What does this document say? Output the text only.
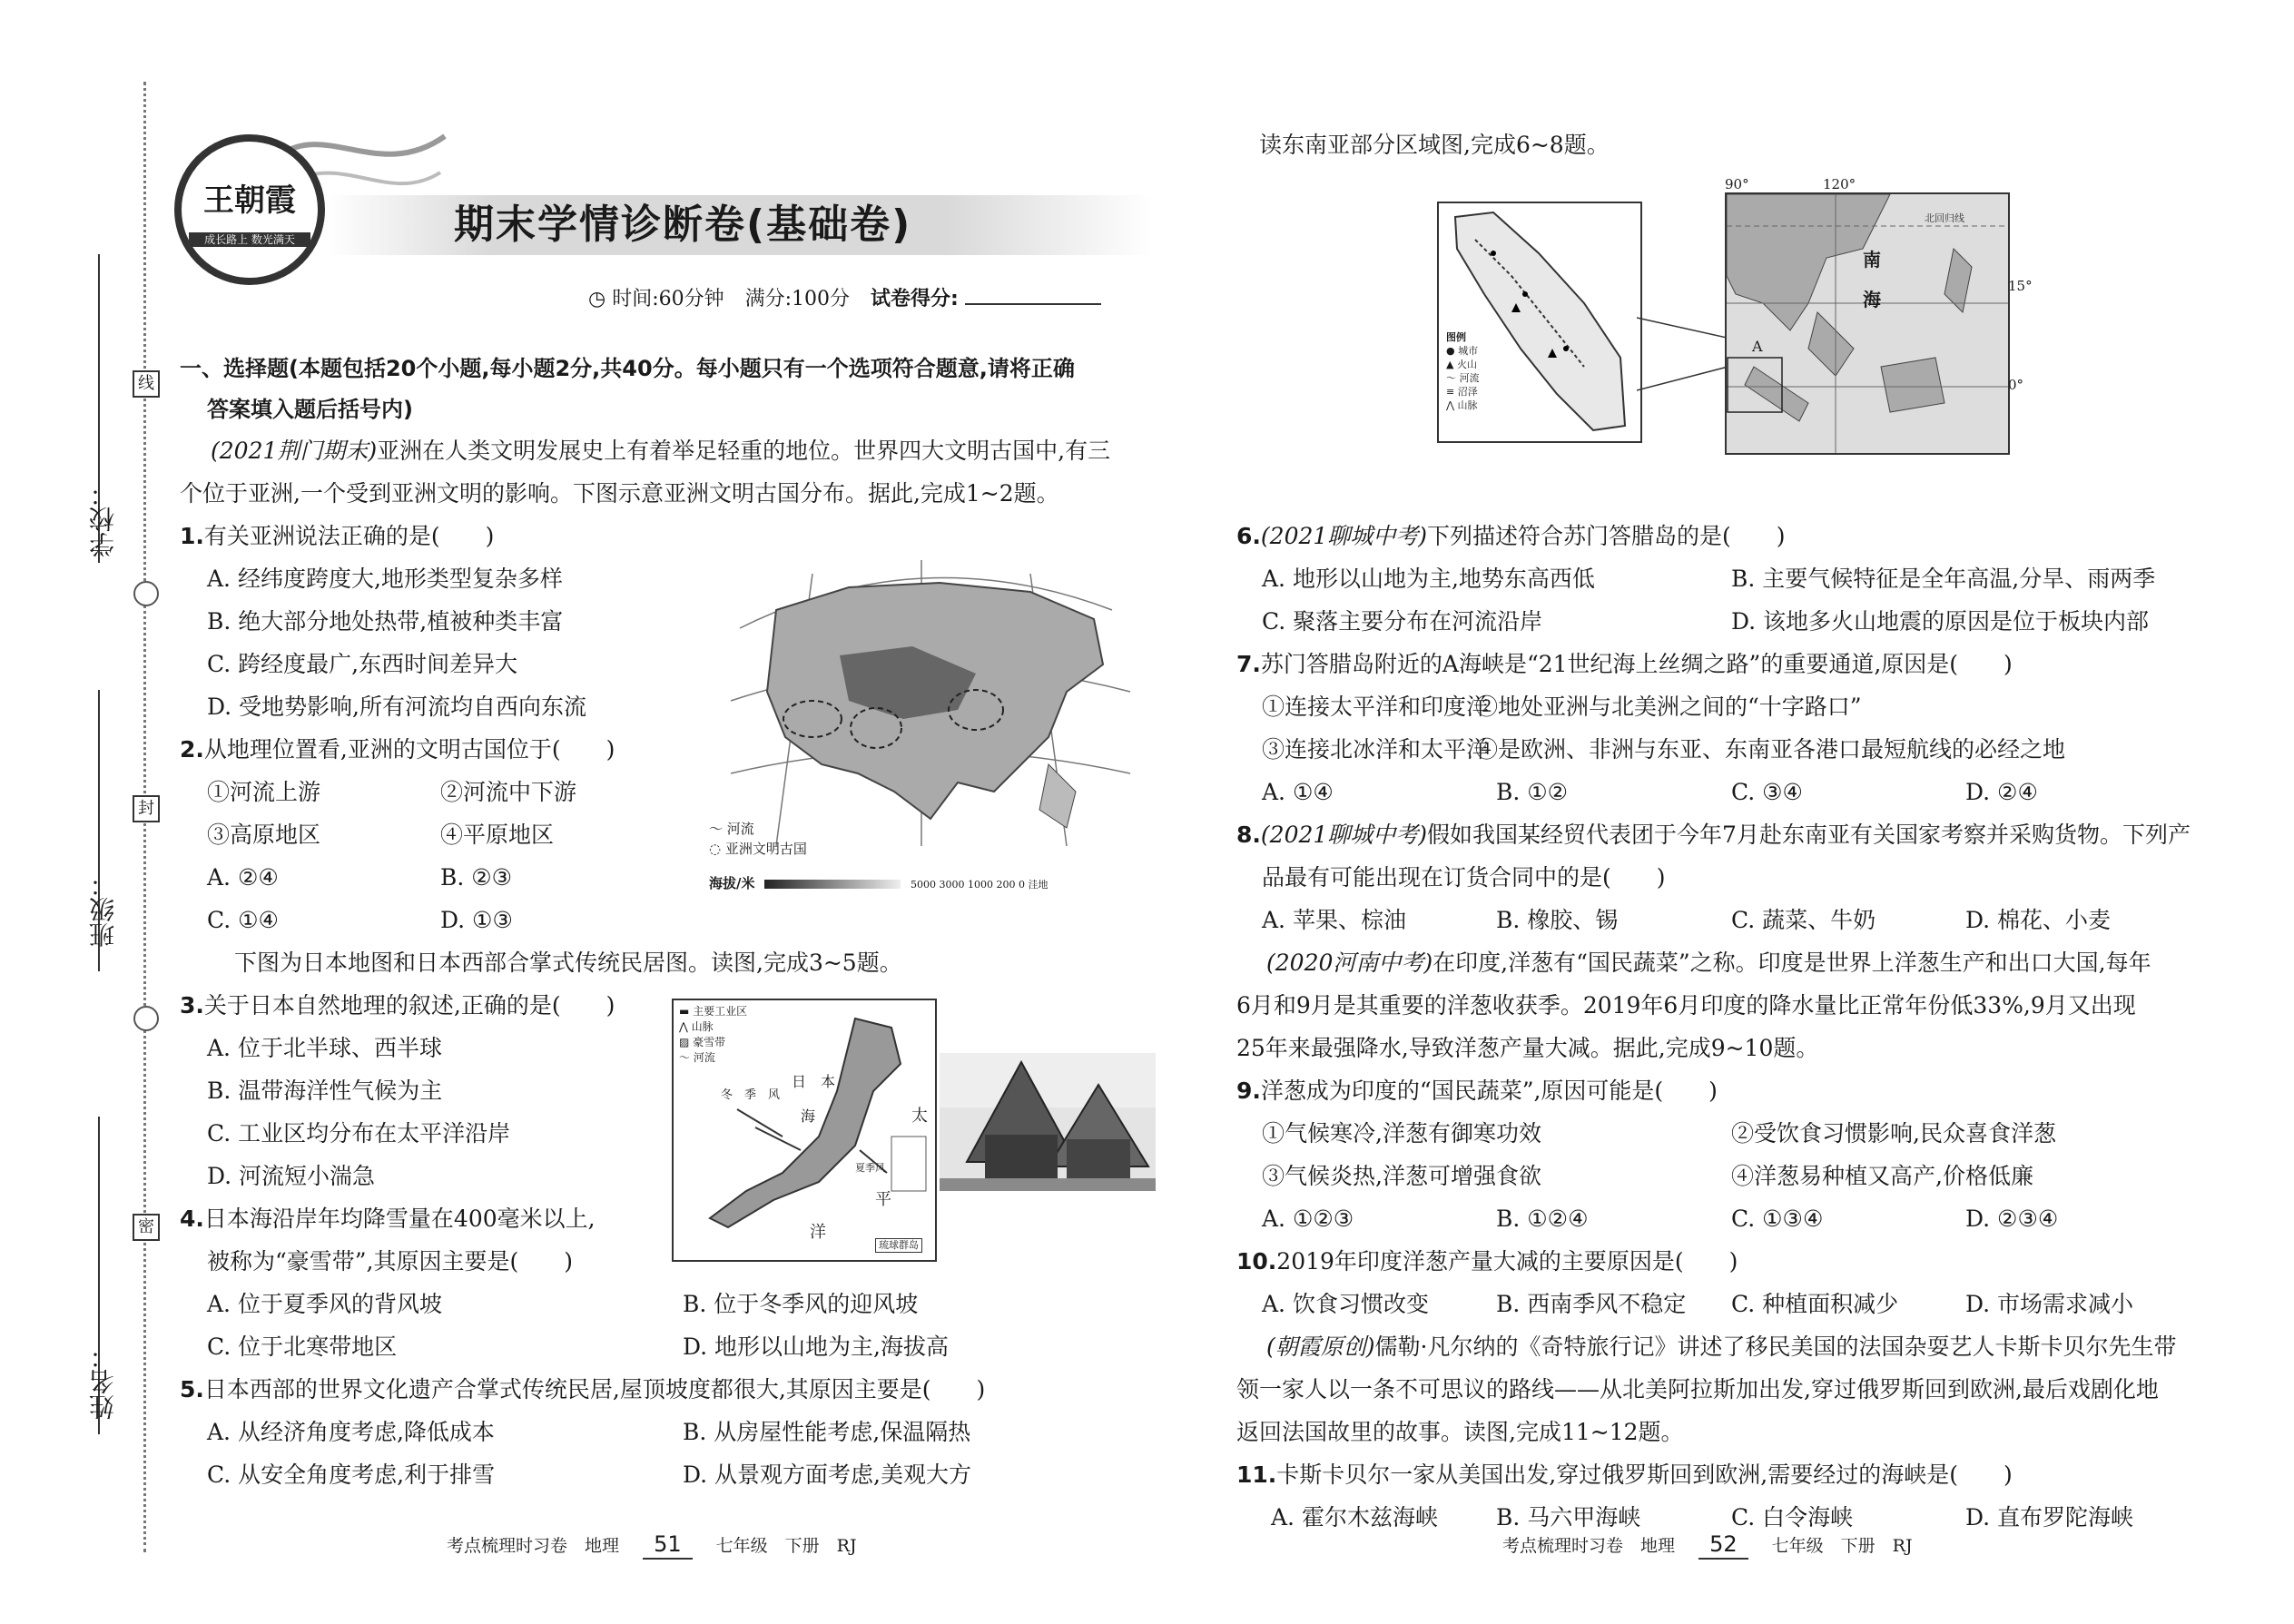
学校：
班级：
姓名：
线
封
密
王朝霞
成长路上 数光满天	期末学情诊断卷(基础卷)
◷ 时间:60分钟 满分:100分 试卷得分:
一、选择题(本题包括20个小题,每小题2分,共40分。每小题只有一个选项符合题意,请将正确
答案填入题后括号内)
(2021荆门期末)亚洲在人类文明发展史上有着举足轻重的地位。世界四大文明古国中,有三
个位于亚洲,一个受到亚洲文明的影响。下图示意亚洲文明古国分布。据此,完成1~2题。
1.有关亚洲说法正确的是(　　)
A. 经纬度跨度大,地形类型复杂多样
B. 绝大部分地处热带,植被种类丰富
C. 跨经度最广,东西时间差异大
D. 受地势影响,所有河流均自西向东流
2.从地理位置看,亚洲的文明古国位于(　　)
①河流上游	②河流中下游
③高原地区	④平原地区
A. ②④	B. ②③
C. ①④	D. ①③
〜 河流
◌ 亚洲文明古国
海拔/米	5000 3000 1000 200 0 洼地
下图为日本地图和日本西部合掌式传统民居图。读图,完成3~5题。
3.关于日本自然地理的叙述,正确的是(　　)
A. 位于北半球、西半球
B. 温带海洋性气候为主
C. 工业区均分布在太平洋沿岸
D. 河流短小湍急
4.日本海沿岸年均降雪量在400毫米以上,
被称为“豪雪带”,其原因主要是(　　)
A. 位于夏季风的背风坡	B. 位于冬季风的迎风坡
C. 位于北寒带地区	D. 地形以山地为主,海拔高
5.日本西部的世界文化遗产合掌式传统民居,屋顶坡度都很大,其原因主要是(　　)
A. 从经济角度考虑,降低成本	B. 从房屋性能考虑,保温隔热
C. 从安全角度考虑,利于排雪	D. 从景观方面考虑,美观大方
▬ 主要工业区
⋀ 山脉
▨ 豪雪带
〜 河流
日　本
海
冬　季　风
太
平
洋
夏季风
琉球群岛
读东南亚部分区域图,完成6~8题。
图例
● 城市
▲ 火山
〜 河流
≡ 沼泽
⋀ 山脉
南
海
A
北回归线
90°	120°
15°
0°
6.(2021聊城中考)下列描述符合苏门答腊岛的是(　　)
A. 地形以山地为主,地势东高西低	B. 主要气候特征是全年高温,分旱、雨两季
C. 聚落主要分布在河流沿岸	D. 该地多火山地震的原因是位于板块内部
7.苏门答腊岛附近的A海峡是“21世纪海上丝绸之路”的重要通道,原因是(　　)
①连接太平洋和印度洋
②地处亚洲与北美洲之间的“十字路口”
③连接北冰洋和太平洋
④是欧洲、非洲与东亚、东南亚各港口最短航线的必经之地
A. ①④	B. ①②	C. ③④	D. ②④
8.(2021聊城中考)假如我国某经贸代表团于今年7月赴东南亚有关国家考察并采购货物。下列产
品最有可能出现在订货合同中的是(　　)
A. 苹果、棕油	B. 橡胶、锡	C. 蔬菜、牛奶	D. 棉花、小麦
(2020河南中考)在印度,洋葱有“国民蔬菜”之称。印度是世界上洋葱生产和出口大国,每年
6月和9月是其重要的洋葱收获季。2019年6月印度的降水量比正常年份低33%,9月又出现
25年来最强降水,导致洋葱产量大减。据此,完成9~10题。
9.洋葱成为印度的“国民蔬菜”,原因可能是(　　)
①气候寒冷,洋葱有御寒功效	②受饮食习惯影响,民众喜食洋葱
③气候炎热,洋葱可增强食欲	④洋葱易种植又高产,价格低廉
A. ①②③	B. ①②④	C. ①③④	D. ②③④
10.2019年印度洋葱产量大减的主要原因是(　　)
A. 饮食习惯改变	B. 西南季风不稳定 C. 种植面积减少	D. 市场需求减小
(朝霞原创)儒勒·凡尔纳的《奇特旅行记》讲述了移民美国的法国杂耍艺人卡斯卡贝尔先生带
领一家人以一条不可思议的路线——从北美阿拉斯加出发,穿过俄罗斯回到欧洲,最后戏剧化地
返回法国故里的故事。读图,完成11~12题。
11.卡斯卡贝尔一家从美国出发,穿过俄罗斯回到欧洲,需要经过的海峡是(　　)
A. 霍尔木兹海峡	B. 马六甲海峡	C. 白令海峡	D. 直布罗陀海峡
考点梳理时习卷　地理 51 七年级　下册　RJ	考点梳理时习卷　地理 52 七年级　下册　RJ
